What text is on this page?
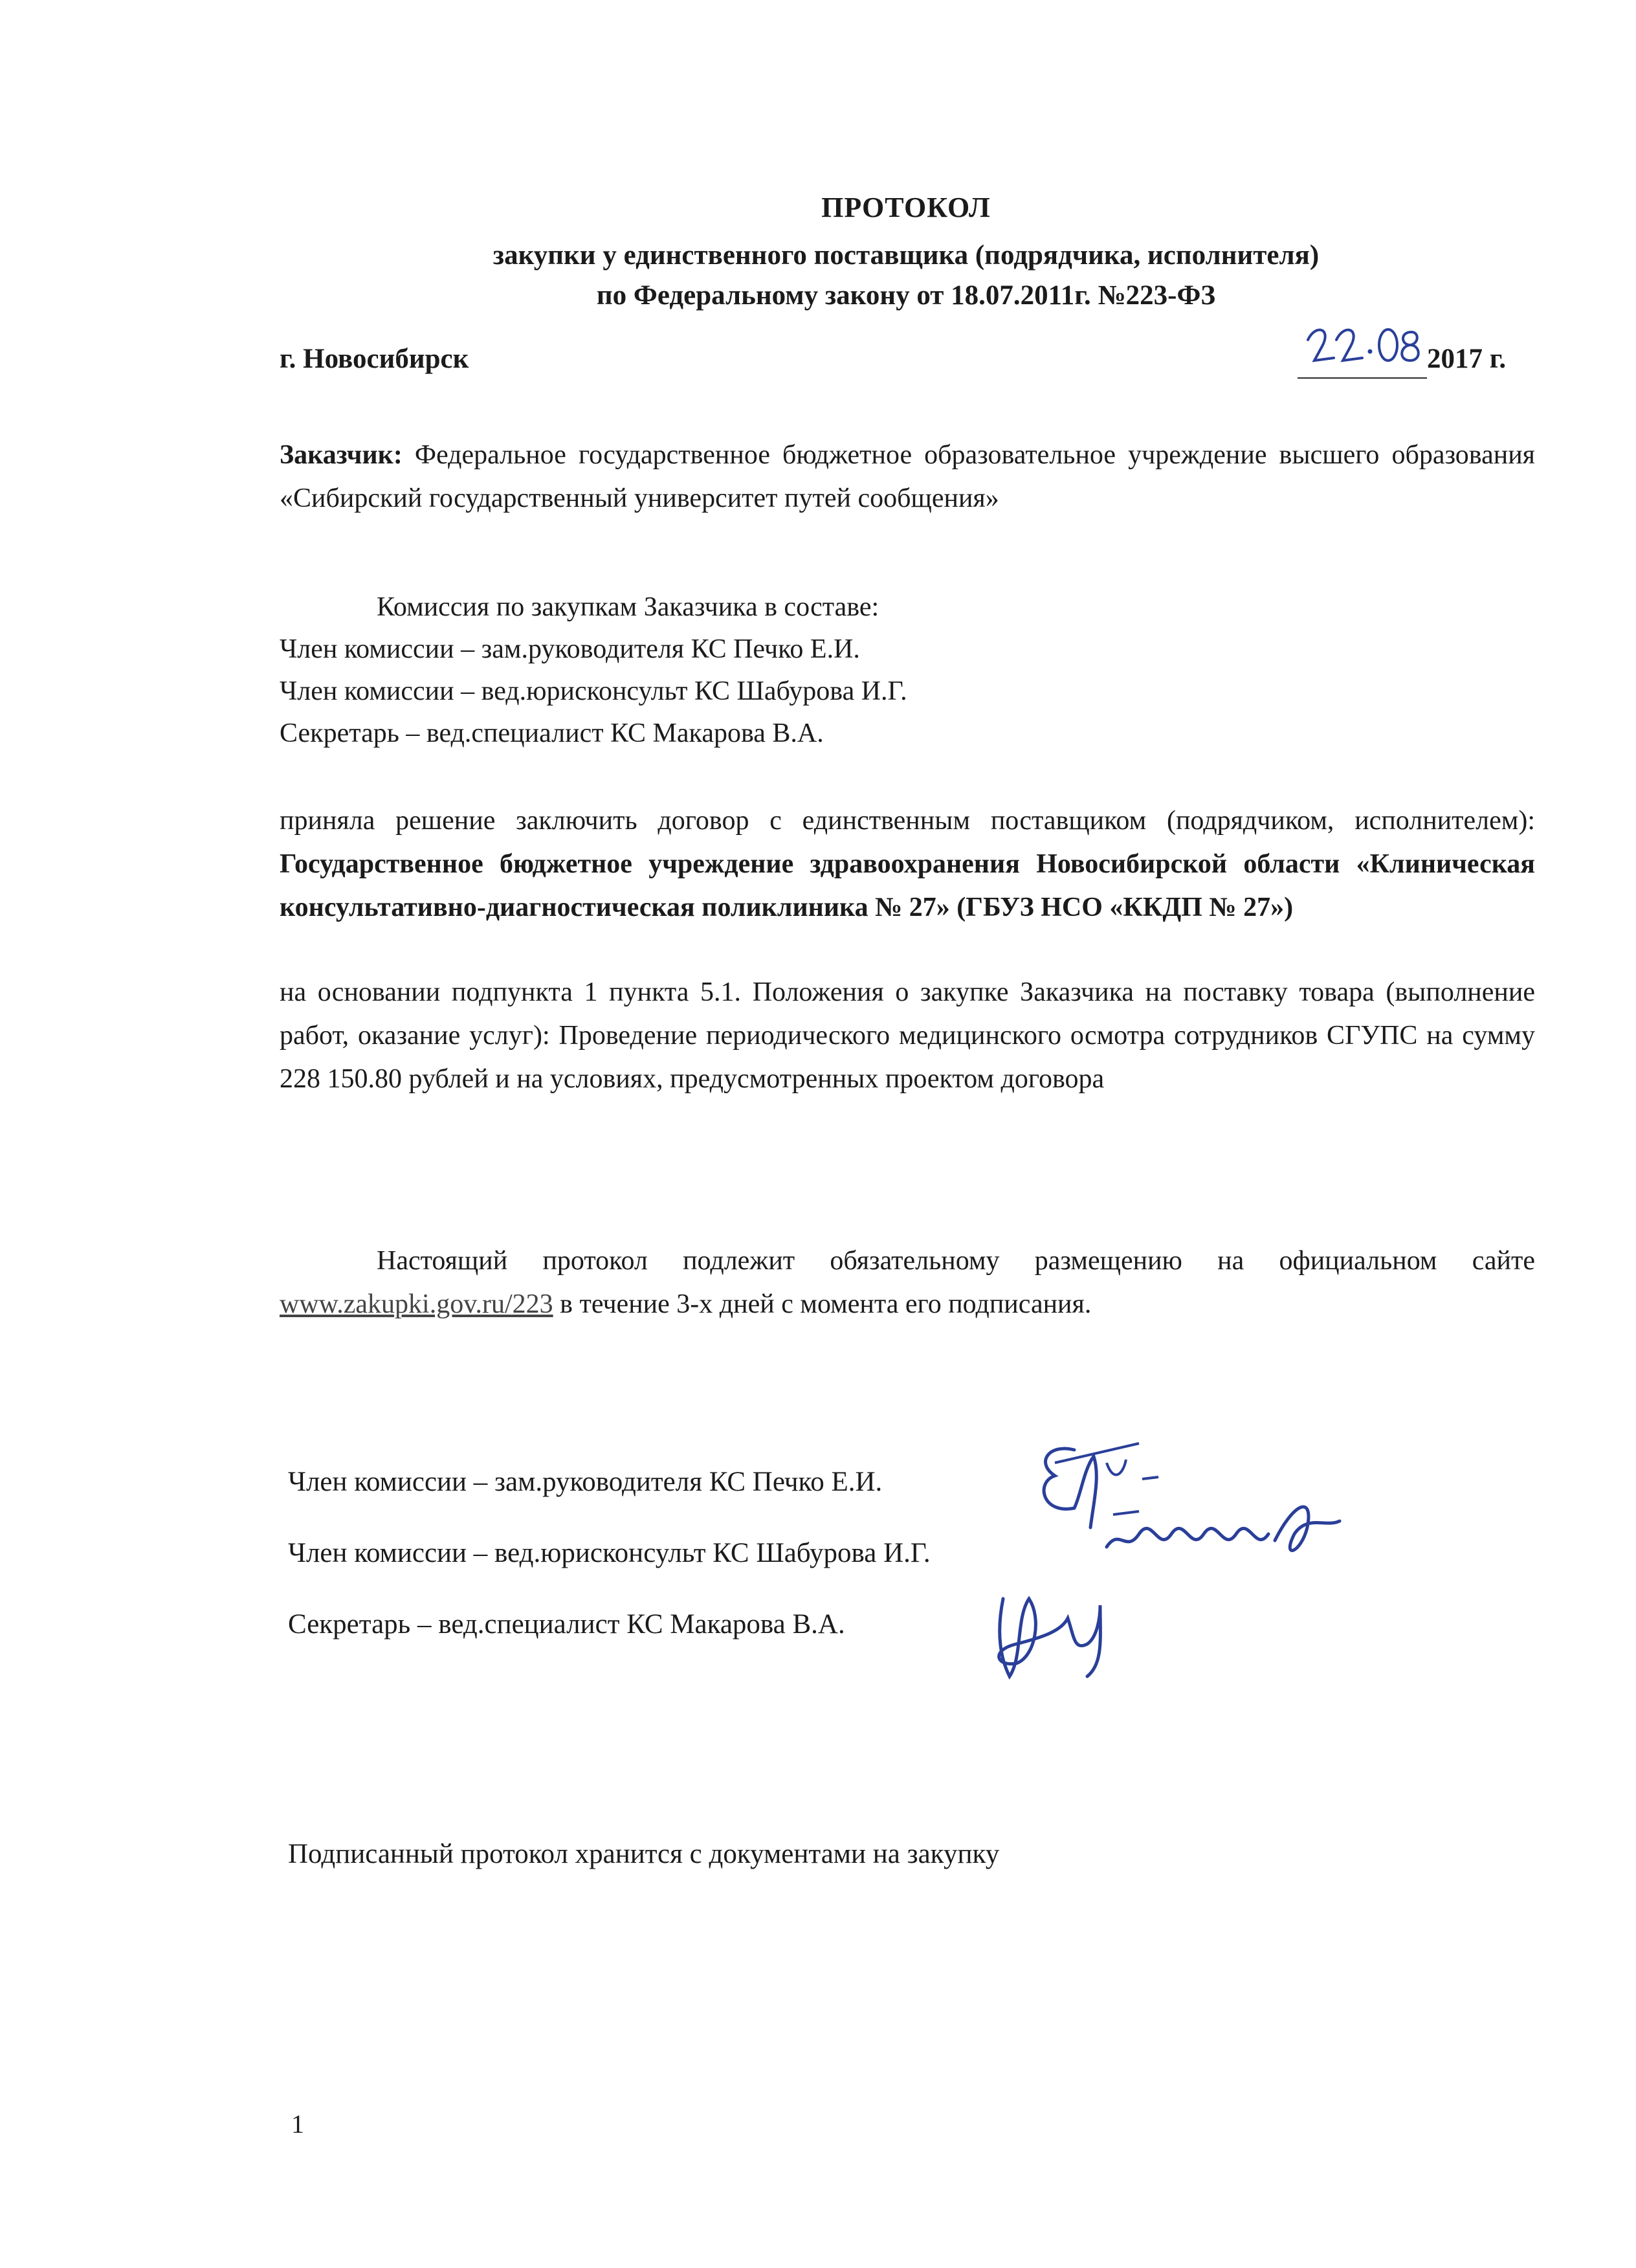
ПРОТОКОЛ
закупки у единственного поставщика (подрядчика, исполнителя)
по Федеральному закону от 18.07.2011г. №223-ФЗ
г. Новосибирск	2017 г.
Заказчик: Федеральное государственное бюджетное образовательное учреждение высшего образования «Сибирский государственный университет путей сообщения»
Комиссия по закупкам Заказчика в составе:
Член комиссии – зам.руководителя КС Печко Е.И.
Член комиссии – вед.юрисконсульт КС Шабурова И.Г.
Секретарь – вед.специалист КС Макарова В.А.
приняла решение заключить договор с единственным поставщиком (подрядчиком, исполнителем): Государственное бюджетное учреждение здравоохранения Новосибирской области «Клиническая консультативно-диагностическая поликлиника № 27» (ГБУЗ НСО «ККДП № 27»)
на основании подпункта 1 пункта 5.1. Положения о закупке Заказчика на поставку товара (выполнение работ, оказание услуг): Проведение периодического медицинского осмотра сотрудников СГУПС на сумму 228 150.80 рублей и на условиях, предусмотренных проектом договора
Настоящий протокол подлежит обязательному размещению на официальном сайте www.zakupki.gov.ru/223 в течение 3-х дней с момента его подписания.
Член комиссии – зам.руководителя КС Печко Е.И.
Член комиссии – вед.юрисконсульт КС Шабурова И.Г.
Секретарь – вед.специалист КС Макарова В.А.
Подписанный протокол хранится с документами на закупку
1
